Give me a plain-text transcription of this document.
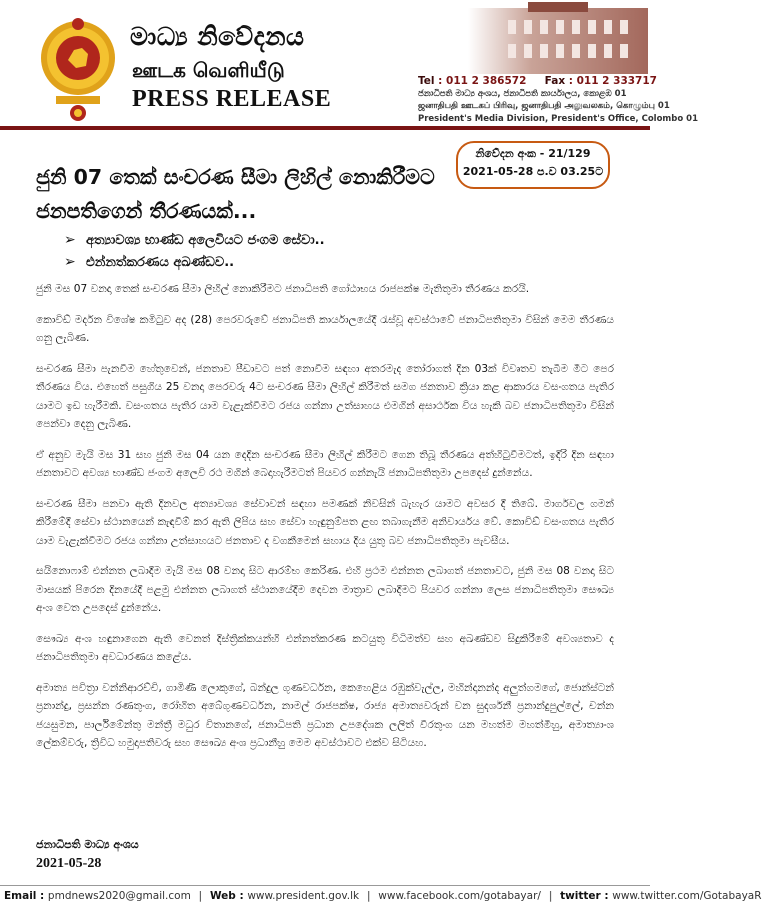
මාධ්‍ය නිවේදනය
ஊடக வெளியீடு
PRESS RELEASE
Tel : 011 2 386572 Fax : 011 2 333717
ජනාධිපති මාධ්‍ය අංශය, ජනාධිපති කාර්යාලය, කොළඹ 01
ஜனாதிபதி ஊடகப் பிரிவு, ஜனாதிபதி அலுவலகம், கொழும்பு 01
President's Media Division, President's Office, Colombo 01
නිවේදන අංක - 21/129
2021-05-28 ප.ව 03.25ට
ජුනි 07 තෙක් සංචරණ සීමා ලිහිල් නොකිරීමට ජනපතිගෙන් තීරණයක්...
➢ අත්‍යාවශ්‍ය භාණ්ඩ අලෙවියට ජංගම සේවා..
➢ එන්නත්කරණය අඛණ්ඩව..

ජුනි මස 07 වනදා තෙක් සංචරණ සීමා ලිහිල් නොකිරීමට ජනාධිපති ගෝඨාභය රාජපක්ෂ මැතිතුමා තීරණය කරයි.

කොවිඩ් මර්දන විශේෂ කමිටුව අද (28) පෙරවරුවේ ජනාධිපති කාර්යාලයේදී රැස්වූ අවස්ථාවේ ජනාධිපතිතුමා විසින් මෙම තීරණය ගනු ලැබිණ.

සංචරණ සීමා පැනවීම හේතුවෙන්, ජනතාව පීඩාවට පත් නොවීම සඳහා අතරමැද තෝරාගත් දින 03ක් විවෘතව තැබීම මීට පෙර තීරණය විය. එහෙත් පසුගිය 25 වනදා පෙරවරු 4ට සංචරණ සීමා ලිහිල් කිරීමත් සමග ජනතාව ක්‍රියා කළ ආකාරය වසංගතය පැතිර යාමට ඉඩ හැරීමකි. වසංගතය පැතිර යාම වැළැක්වීමට රජය ගන්නා උත්සාහය එමගින් අසාර්ථක විය හැකි බව ජනාධිපතිතුමා විසින් පෙන්වා දෙනු ලැබිණ.

ඒ අනුව මැයි මස 31 සහ ජුනි මස 04 යන දෙදින සංචරණ සීමා ලිහිල් කිරීමට ගෙන තිබූ තීරණය අත්හිටුවීමටත්, ඉදිරි දින සඳහා ජනතාවට අවශ්‍ය භාණ්ඩ ජංගම අලෙවි රථ මගින් බෙදාහැරීමටත් පියවර ගන්නැයි ජනාධිපතිතුමා උපදෙස් දුන්නේය.

සංචරණ සීමා පනවා ඇති දිනවල අත්‍යාවශ්‍ය සේවාවන් සඳහා පමණක් නිවසින් බැහැර යාමට අවසර දී තිබේ. මාර්ගවල ගමන් කිරීමේදී සේවා ස්ථානයෙන් කැඳවීම් කර ඇති ලිපිය සහ සේවා හැඳුනුම්පත ළඟ තබාගැනීම අනිවාර්යය වේ. කොවිඩ් වසංගතය පැතිර යාම වැළැක්වීමට රජය ගන්නා උත්සාහයට ජනතාව ද වගකීමෙන් සහාය දිය යුතු බව ජනාධිපතිතුමා පැවසීය.

සයිනොෆාම් එන්නත ලබාදීම මැයි මස 08 වනදා සිට ආරම්භ කෙරිණ. එහි ප්‍රථම එන්නත ලබාගත් ජනතාවට, ජුනි මස 08 වනදා සිට මාසයක් පිරෙන දිනයේදී පළමු එන්නත ලබාගත් ස්ථානයේදීම දෙවන මාත්‍රාව ලබාදීමට පියවර ගන්නා ලෙස ජනාධිපතිතුමා සෞඛ්‍ය අංශ වෙත උපදෙස් දුන්නේය.

සෞඛ්‍ය අංශ හඳුනාගෙන ඇති වෙනත් දිස්ත්‍රික්කයන්හි එන්නත්කරණ කටයුතු විධිමත්ව සහ අඛණ්ඩව සිදුකිරීමේ අවශ්‍යතාව ද ජනාධිපතිතුමා අවධාරණය කළේය.

අමාත්‍ය පවිත්‍රා වන්නිආරච්චි, ගාමිණී ලොකුගේ, බන්දුල ගුණවර්ධන, කෙහෙළිය රඹුක්වැල්ල, මහින්දානන්ද අලුත්ගමගේ, ජොන්ස්ටන් ප්‍රනාන්දු, ප්‍රසන්න රණතුංග, රෝහිත අබේගුණවර්ධන, නාමල් රාජපක්ෂ, රාජ්‍ය අමාත්‍යවරුන් වන සුදර්ශනී ප්‍රනාන්දුපුල්ලේ, චන්න ජයසුමන, පාර්ලිමේන්තු මන්ත්‍රී මධුර විතානගේ, ජනාධිපති ප්‍රධාන උපදේශක ලලිත් වීරතුංග යන මහත්ම මහත්මීහු, අමාත්‍යාංශ ලේකම්වරු, ත්‍රිවිධ හමුදාපතිවරු සහ සෞඛ්‍ය අංශ ප්‍රධානීහු මෙම අවස්ථාවට එක්ව සිටියහ.

ජනාධිපති මාධ්‍ය අංශය
2021-05-28
Email : pmdnews2020@gmail.com | Web : www.president.gov.lk | www.facebook.com/gotabayar/ | twitter : www.twitter.com/GotabayaR
